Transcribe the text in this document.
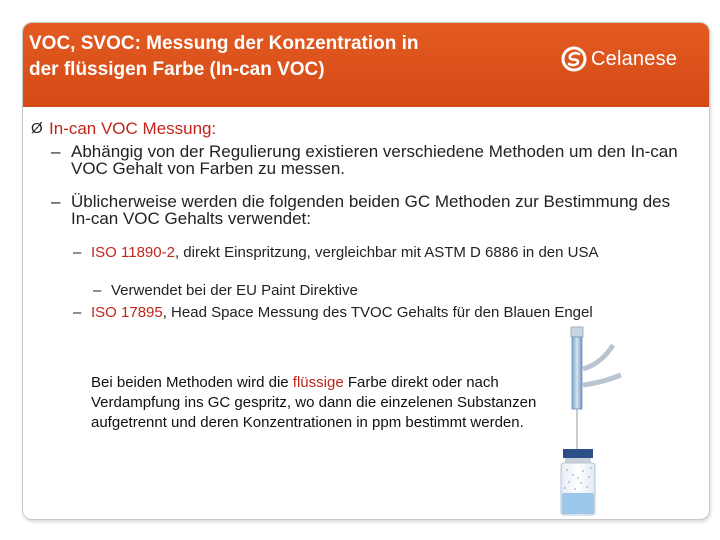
VOC, SVOC: Messung der Konzentration in
der flüssigen Farbe (In-can VOC)	Celanese
Ø In-can VOC Messung:
– Abhängig von der Regulierung existieren verschiedene Methoden um den In-can VOC Gehalt von Farben zu messen.
– Üblicherweise werden die folgenden beiden GC Methoden zur Bestimmung des In-can VOC Gehalts verwendet:
– ISO 11890-2, direkt Einspritzung, vergleichbar mit ASTM D 6886 in den USA
– Verwendet bei der EU Paint Direktive
– ISO 17895, Head Space Messung des TVOC Gehalts für den Blauen Engel
Bei beiden Methoden wird die flüssige Farbe direkt oder nach Verdampfung ins GC gespritz, wo dann die einzelenen Substanzen aufgetrennt und deren Konzentrationen in ppm bestimmt werden.
